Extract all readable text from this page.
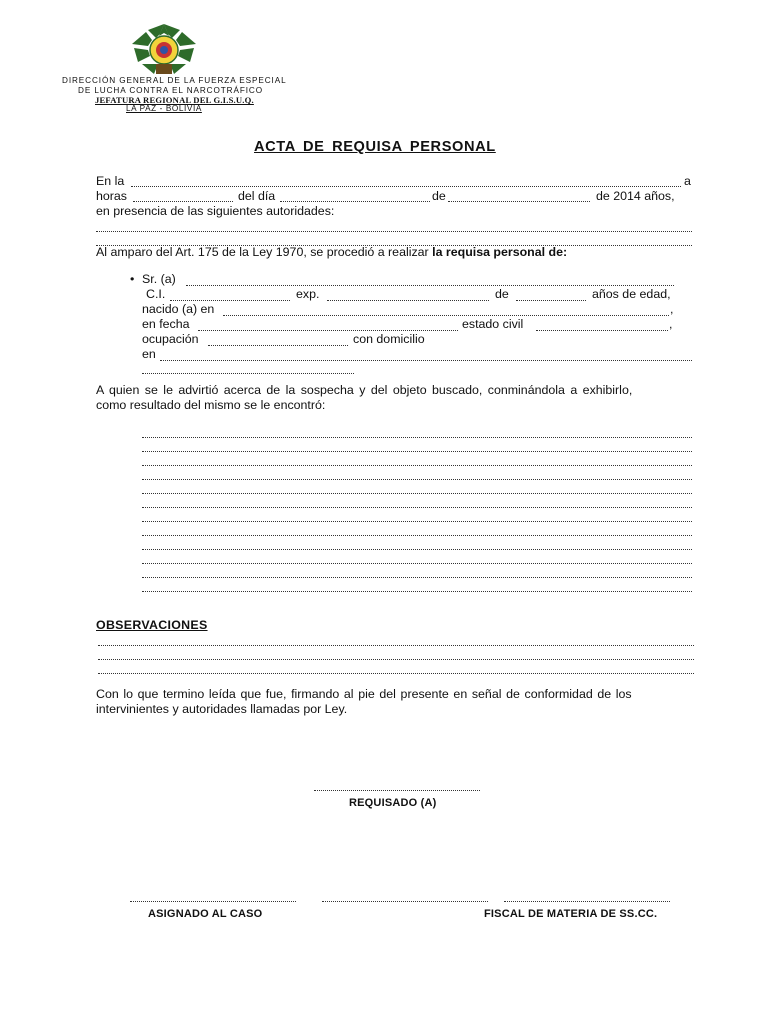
DIRECCIÓN GENERAL DE LA FUERZA ESPECIAL
DE LUCHA CONTRA EL NARCOTRÁFICO
JEFATURA REGIONAL DEL G.I.S.U.Q.
LA PAZ - BOLIVIA
ACTA DE REQUISA PERSONAL
En la	a
horas	del día	de	de 2014 años,
en presencia de las siguientes autoridades:
Al amparo del Art. 175 de la Ley 1970, se procedió a realizar la requisa personal de:
• Sr. (a)
C.I.	exp.	de	años de edad,
nacido (a) en	,
en fecha	estado civil	,
ocupación	con domicilio
en
A quien se le advirtió acerca de la sospecha y del objeto buscado, conminándola a exhibirlo,
como resultado del mismo se le encontró:
OBSERVACIONES
Con lo que termino leída que fue, firmando al pie del presente en señal de conformidad de los
intervinientes y autoridades llamadas por Ley.
REQUISADO (A)
ASIGNADO AL CASO	FISCAL DE MATERIA DE SS.CC.
